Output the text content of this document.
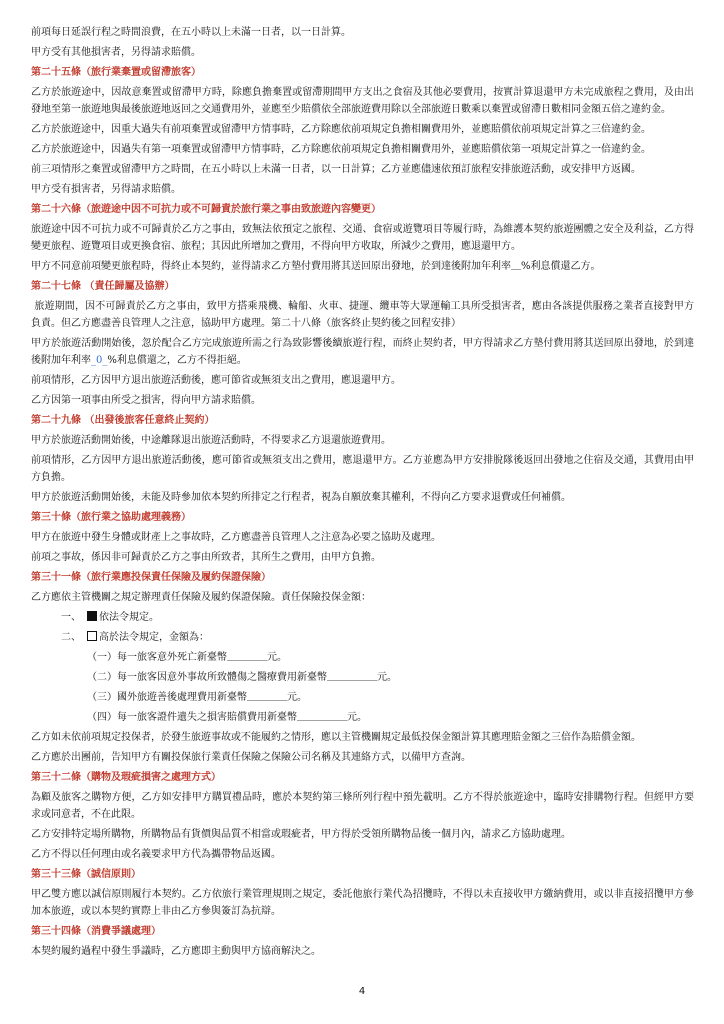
前項每日延誤行程之時間浪費，在五小時以上未滿一日者，以一日計算。

甲方受有其他損害者，另得請求賠償。

第二十五條（旅行業棄置或留滯旅客）

乙方於旅遊途中，因故意棄置或留滯甲方時，除應負擔棄置或留滯期間甲方支出之食宿及其他必要費用，按實計算退還甲方未完成旅程之費用，及由出發地至第一旅遊地與最後旅遊地返回之交通費用外，並應至少賠償依全部旅遊費用除以全部旅遊日數乘以棄置或留滯日數相同金額五倍之違約金。

乙方於旅遊途中，因重大過失有前項棄置或留滯甲方情事時，乙方除應依前項規定負擔相關費用外，並應賠償依前項規定計算之三倍違約金。

乙方於旅遊途中，因過失有第一項棄置或留滯甲方情事時，乙方除應依前項規定負擔相關費用外，並應賠償依第一項規定計算之一倍違約金。

前三項情形之棄置或留滯甲方之時間，在五小時以上未滿一日者，以一日計算；乙方並應儘速依預訂旅程安排旅遊活動，或安排甲方返國。

甲方受有損害者，另得請求賠償。

第二十六條（旅遊途中因不可抗力或不可歸責於旅行業之事由致旅遊內容變更）

旅遊途中因不可抗力或不可歸責於乙方之事由，致無法依預定之旅程、交通、食宿或遊覽項目等履行時，為維護本契約旅遊團體之安全及利益，乙方得變更旅程、遊覽項目或更換食宿、旅程；其因此所增加之費用，不得向甲方收取，所減少之費用，應退還甲方。

甲方不同意前項變更旅程時，得終止本契約，並得請求乙方墊付費用將其送回原出發地，於到達後附加年利率＿%利息償還乙方。

第二十七條 （責任歸屬及協辦）

旅遊期間，因不可歸責於乙方之事由，致甲方搭乘飛機、輪船、火車、捷運、纜車等大眾運輸工具所受損害者，應由各該提供服務之業者直接對甲方負責。但乙方應盡善良管理人之注意，協助甲方處理。第二十八條（旅客終止契約後之回程安排）

甲方於旅遊活動開始後，忽於配合乙方完成旅遊所需之行為致影響後續旅遊行程，而終止契約者，甲方得請求乙方墊付費用將其送回原出發地，於到達後附加年利率_0_%利息償還之，乙方不得拒絕。

前項情形，乙方因甲方退出旅遊活動後，應可節省或無須支出之費用，應退還甲方。

乙方因第一項事由所受之損害，得向甲方請求賠償。

第二十九條 （出發後旅客任意終止契約）

甲方於旅遊活動開始後，中途離隊退出旅遊活動時，不得要求乙方退還旅遊費用。

前項情形，乙方因甲方退出旅遊活動後，應可節省或無須支出之費用，應退還甲方。乙方並應為甲方安排脫隊後返回出發地之住宿及交通，其費用由甲方負擔。

甲方於旅遊活動開始後，未能及時參加依本契約所排定之行程者，視為自願放棄其權利，不得向乙方要求退費或任何補償。

第三十條（旅行業之協助處理義務）

甲方在旅遊中發生身體或財產上之事故時，乙方應盡善良管理人之注意為必要之協助及處理。

前項之事故，係因非可歸責於乙方之事由所致者，其所生之費用，由甲方負擔。

第三十一條（旅行業應投保責任保險及履約保證保險）

乙方應依主管機關之規定辦理責任保險及履約保證保險。責任保險投保金額：

一、 依法令規定。

二、 高於法令規定，金額為：

（一）每一旅客意外死亡新臺幣＿＿＿＿元。

（二）每一旅客因意外事故所致體傷之醫療費用新臺幣＿＿＿＿＿元。

（三）國外旅遊善後處理費用新臺幣＿＿＿＿元。

（四）每一旅客證件遺失之損害賠償費用新臺幣＿＿＿＿＿元。

乙方如未依前項規定投保者，於發生旅遊事故或不能履約之情形，應以主管機關規定最低投保金額計算其應理賠金額之三倍作為賠償金額。

乙方應於出團前，告知甲方有關投保旅行業責任保險之保險公司名稱及其連絡方式，以備甲方查詢。

第三十二條（購物及瑕疵損害之處理方式）

為顧及旅客之購物方便，乙方如安排甲方購買禮品時，應於本契約第三條所列行程中預先載明。乙方不得於旅遊途中，臨時安排購物行程。但經甲方要求或同意者，不在此限。

乙方安排特定場所購物，所購物品有貨價與品質不相當或瑕疵者，甲方得於受領所購物品後一個月內，請求乙方協助處理。

乙方不得以任何理由或名義要求甲方代為攜帶物品返國。

第三十三條（誠信原則）

甲乙雙方應以誠信原則履行本契約。乙方依旅行業管理規則之規定，委託他旅行業代為招攬時，不得以未直接收甲方繳納費用，或以非直接招攬甲方參加本旅遊，或以本契約實際上非由乙方參與簽訂為抗辯。

第三十四條（消費爭議處理）

本契約履約過程中發生爭議時，乙方應即主動與甲方協商解決之。

4
